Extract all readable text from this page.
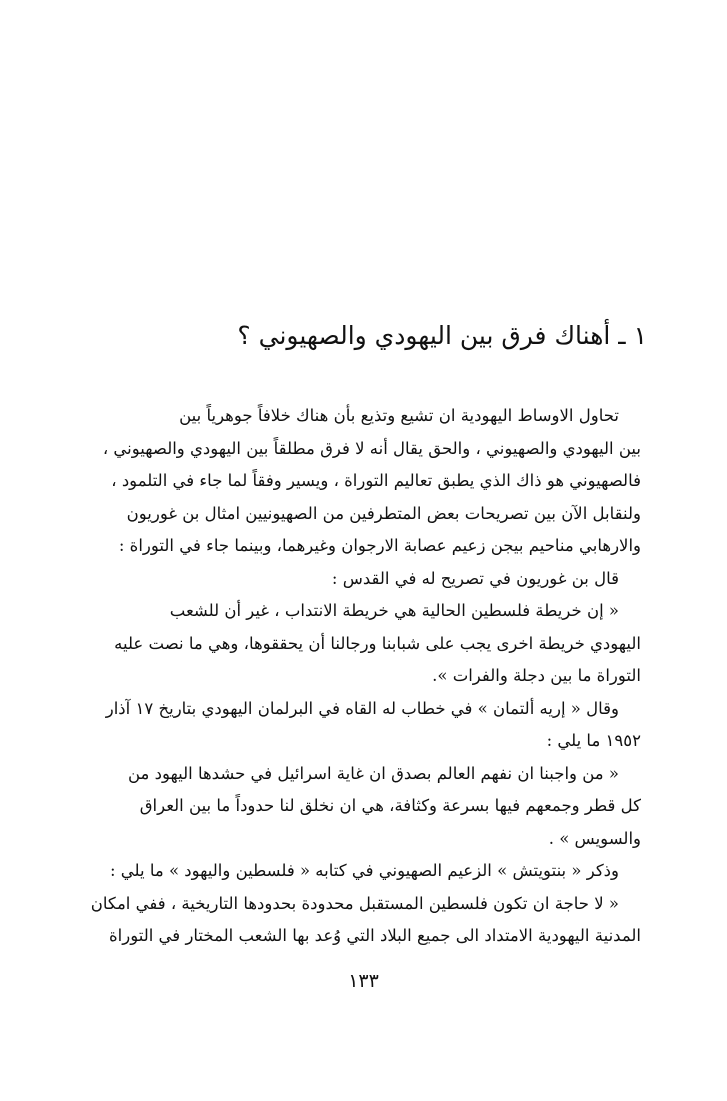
١ ـ أهناك فرق بين اليهودي والصهيوني ؟
تحاول الاوساط اليهودية ان تشيع وتذيع بأن هناك خلافاً جوهرياً بين
بين اليهودي والصهيوني ، والحق يقال أنه لا فرق مطلقاً بين اليهودي والصهيوني ،
فالصهيوني هو ذاك الذي يطبق تعاليم التوراة ، ويسير وفقاً لما جاء في التلمود ،
ولنقابل الآن بين تصريحات بعض المتطرفين من الصهيونيين امثال بن غوريون
والارهابي مناحيم بيجن زعيم عصابة الارجوان وغيرهما، وبينما جاء في التوراة :
قال بن غوريون في تصريح له في القدس :
« إن خريطة فلسطين الحالية هي خريطة الانتداب ، غير أن للشعب
اليهودي خريطة اخرى يجب على شبابنا ورجالنا أن يحققوها، وهي ما نصت عليه
التوراة ما بين دجلة والفرات ».
وقال « إريه ألتمان » في خطاب له القاه في البرلمان اليهودي بتاريخ ١٧ آذار
١٩٥٢ ما يلي :
« من واجبنا ان نفهم العالم بصدق ان غاية اسرائيل في حشدها اليهود من
كل قطر وجمعهم فيها بسرعة وكثافة، هي ان نخلق لنا حدوداً ما بين العراق
والسويس » .
وذكر « بنتويتش » الزعيم الصهيوني في كتابه « فلسطين واليهود » ما يلي :
« لا حاجة ان تكون فلسطين المستقبل محدودة بحدودها التاريخية ، ففي امكان
المدنية اليهودية الامتداد الى جميع البلاد التي وُعد بها الشعب المختار في التوراة
١٣٣
